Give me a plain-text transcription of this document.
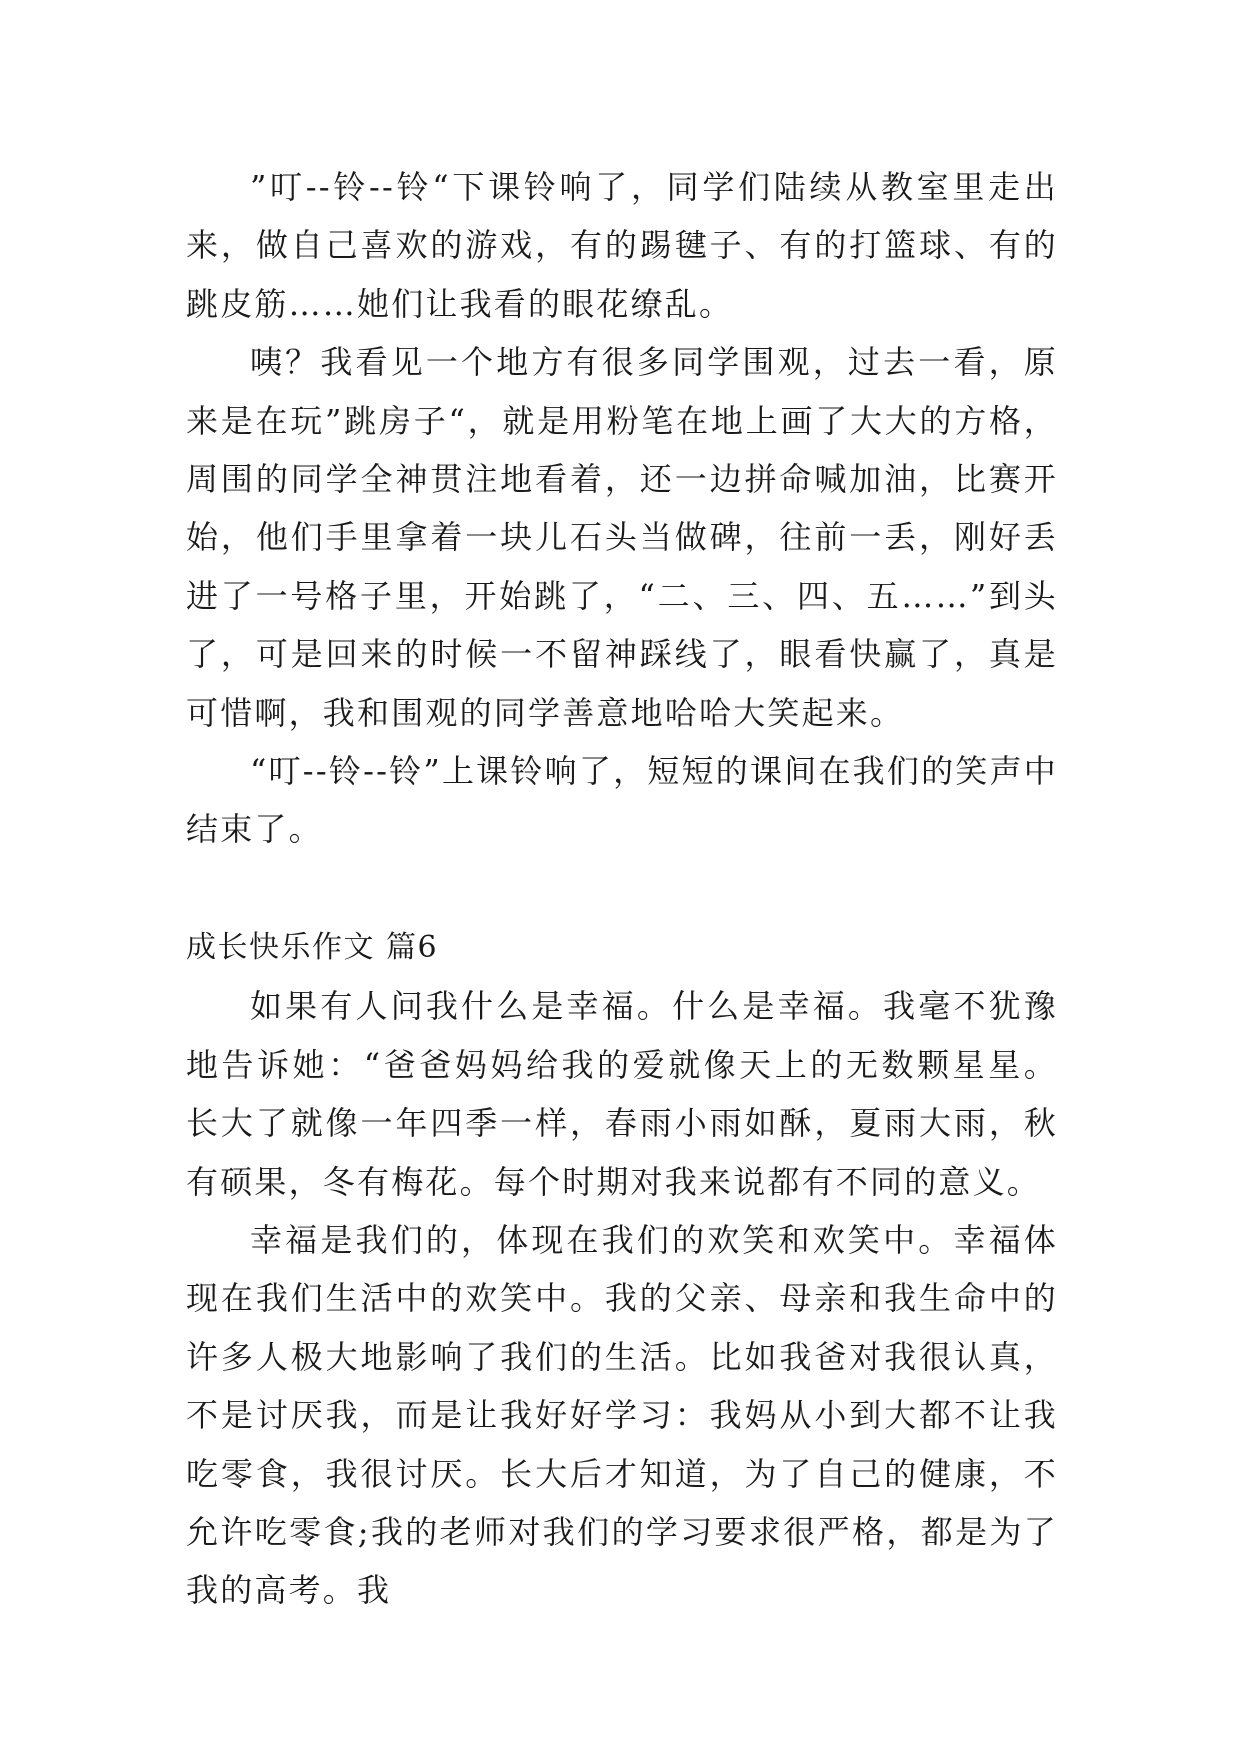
”叮--铃--铃“下课铃响了，同学们陆续从教室里走出来，做自己喜欢的游戏，有的踢毽子、有的打篮球、有的跳皮筋……她们让我看的眼花缭乱。

咦？我看见一个地方有很多同学围观，过去一看，原来是在玩”跳房子“，就是用粉笔在地上画了大大的方格，周围的同学全神贯注地看着，还一边拼命喊加油，比赛开始，他们手里拿着一块儿石头当做碑，往前一丢，刚好丢进了一号格子里，开始跳了，“二、三、四、五……”到头了，可是回来的时候一不留神踩线了，眼看快赢了，真是可惜啊，我和围观的同学善意地哈哈大笑起来。

“叮--铃--铃”上课铃响了，短短的课间在我们的笑声中结束了。

成长快乐作文 篇6

如果有人问我什么是幸福。什么是幸福。我毫不犹豫地告诉她：“爸爸妈妈给我的爱就像天上的无数颗星星。长大了就像一年四季一样，春雨小雨如酥，夏雨大雨，秋有硕果，冬有梅花。每个时期对我来说都有不同的意义。

幸福是我们的，体现在我们的欢笑和欢笑中。幸福体现在我们生活中的欢笑中。我的父亲、母亲和我生命中的许多人极大地影响了我们的生活。比如我爸对我很认真，不是讨厌我，而是让我好好学习：我妈从小到大都不让我吃零食，我很讨厌。长大后才知道，为了自己的健康，不允许吃零食;我的老师对我们的学习要求很严格，都是为了我的高考。我
